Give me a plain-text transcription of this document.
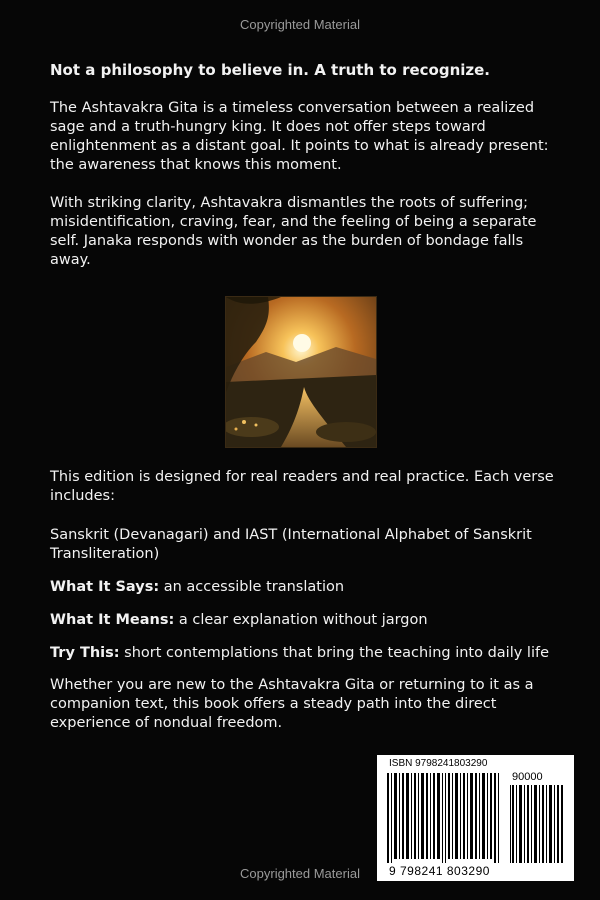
Copyrighted Material

Not a philosophy to believe in. A truth to recognize.

The Ashtavakra Gita is a timeless conversation between a realized sage and a truth-hungry king. It does not offer steps toward enlightenment as a distant goal. It points to what is already present: the awareness that knows this moment.

With striking clarity, Ashtavakra dismantles the roots of suffering; misidentification, craving, fear, and the feeling of being a separate self. Janaka responds with wonder as the burden of bondage falls away.

This edition is designed for real readers and real practice. Each verse includes:

Sanskrit (Devanagari) and IAST (International Alphabet of Sanskrit Transliteration)

What It Says: an accessible translation

What It Means: a clear explanation without jargon

Try This: short contemplations that bring the teaching into daily life

Whether you are new to the Ashtavakra Gita or returning to it as a companion text, this book offers a steady path into the direct experience of nondual freedom.

ISBN 9798241803290
90000
9 798241 803290
Copyrighted Material
